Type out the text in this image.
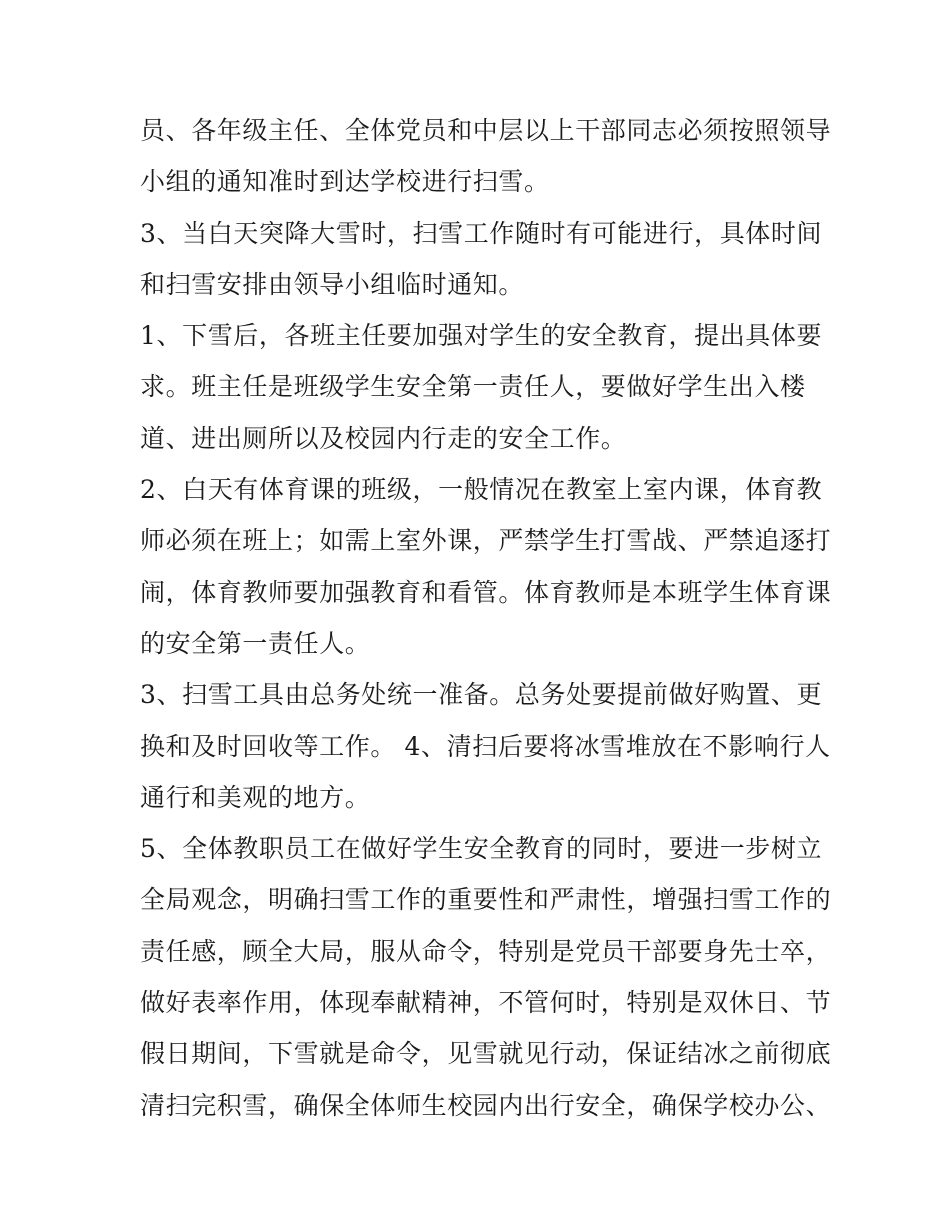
员、各年级主任、全体党员和中层以上干部同志必须按照领导
小组的通知准时到达学校进行扫雪。
3、当白天突降大雪时，扫雪工作随时有可能进行，具体时间
和扫雪安排由领导小组临时通知。
1、下雪后，各班主任要加强对学生的安全教育，提出具体要
求。班主任是班级学生安全第一责任人，要做好学生出入楼
道、进出厕所以及校园内行走的安全工作。
2、白天有体育课的班级，一般情况在教室上室内课，体育教
师必须在班上；如需上室外课，严禁学生打雪战、严禁追逐打
闹，体育教师要加强教育和看管。体育教师是本班学生体育课
的安全第一责任人。
3、扫雪工具由总务处统一准备。总务处要提前做好购置、更
换和及时回收等工作。 4、清扫后要将冰雪堆放在不影响行人
通行和美观的地方。
5、全体教职员工在做好学生安全教育的同时，要进一步树立
全局观念，明确扫雪工作的重要性和严肃性，增强扫雪工作的
责任感，顾全大局，服从命令，特别是党员干部要身先士卒，
做好表率作用，体现奉献精神，不管何时，特别是双休日、节
假日期间，下雪就是命令，见雪就见行动，保证结冰之前彻底
清扫完积雪，确保全体师生校园内出行安全，确保学校办公、
